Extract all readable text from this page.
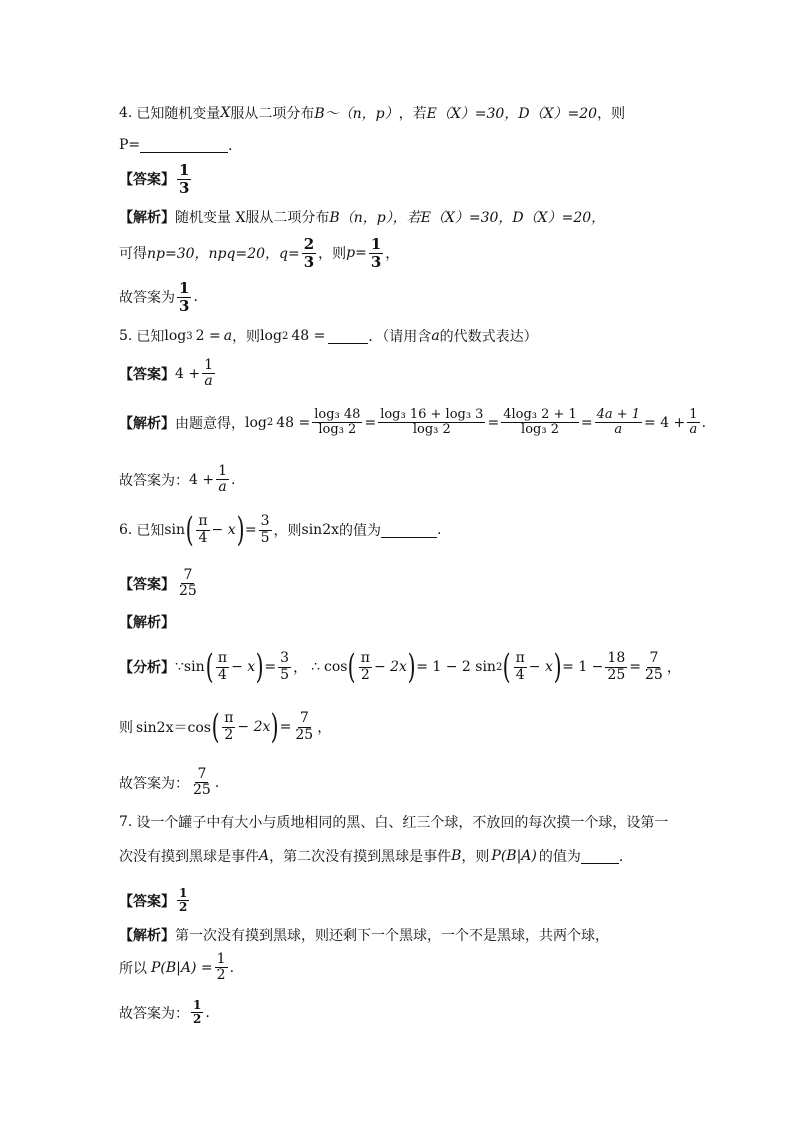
4. 已知随机变量 X 服从二项分布 B～（n，p） ，若 E（X）=30，D（X）=20 ，则
P=	．
【答案】 $\frac{1}{3}$
【解析】 随机变量 X服从二项分布 B（n，p），若 E（X）=30，D（X）=20，
可得 np=30，npq=20，$q= \frac{2}{3}$ ，则 $p= \frac{1}{3}$ ，
故答案为 $\frac{1}{3}$ .
5. 已知 log 3 2 = a ，则 log 2 48 =	．（请用含 a 的代数式表达）
【答案】 $4 + \frac{1}{a}$
【解析】 由题意得， log 2 $48 = \frac{\text{log₃ 48}}{\text{log₃ 2}} = \frac{\text{log₃ 16 + log₃ 3}}{\text{log₃ 2}} = \frac{\text{4log₃ 2 + 1}}{\text{log₃ 2}} = \frac{4a + 1}{a} = 4 + \frac{1}{a}$ .
故答案为： $4 + \frac{1}{a}$ .
6. 已知 sin ( $\frac{\pi}{4} - x$ ) = $\frac{3}{5}$ ，则 sin2x 的值为	.
【答案】 $\frac{7}{25}$
【解析】
【分析】 ∵ sin ( $\frac{\pi}{4} - x$ ) = $\frac{3}{5}$ ， ∴ cos ( $\frac{\pi}{2} - 2x$ ) = 1 − 2 sin 2 ( $\frac{\pi}{4} - x$ ) = $1 - \frac{18}{25} = \frac{7}{25}$ ，
则 sin2x＝cos ( $\frac{\pi}{2} - 2x$ ) = $\frac{7}{25}$ ，
故答案为： $\frac{7}{25}$ .
7. 设一个罐子中有大小与质地相同的黑、白、红三个球，不放回的每次摸一个球，设第一
次没有摸到黑球是事件 A ，第二次没有摸到黑球是事件 B ，则 P(B|A) 的值为	．
【答案】 $\frac{1}{2}$
【解析】 第一次没有摸到黑球，则还剩下一个黑球，一个不是黑球，共两个球，
所以 $P(B|A) = \frac{1}{2}$ .
故答案为： $\frac{1}{2}$ .
